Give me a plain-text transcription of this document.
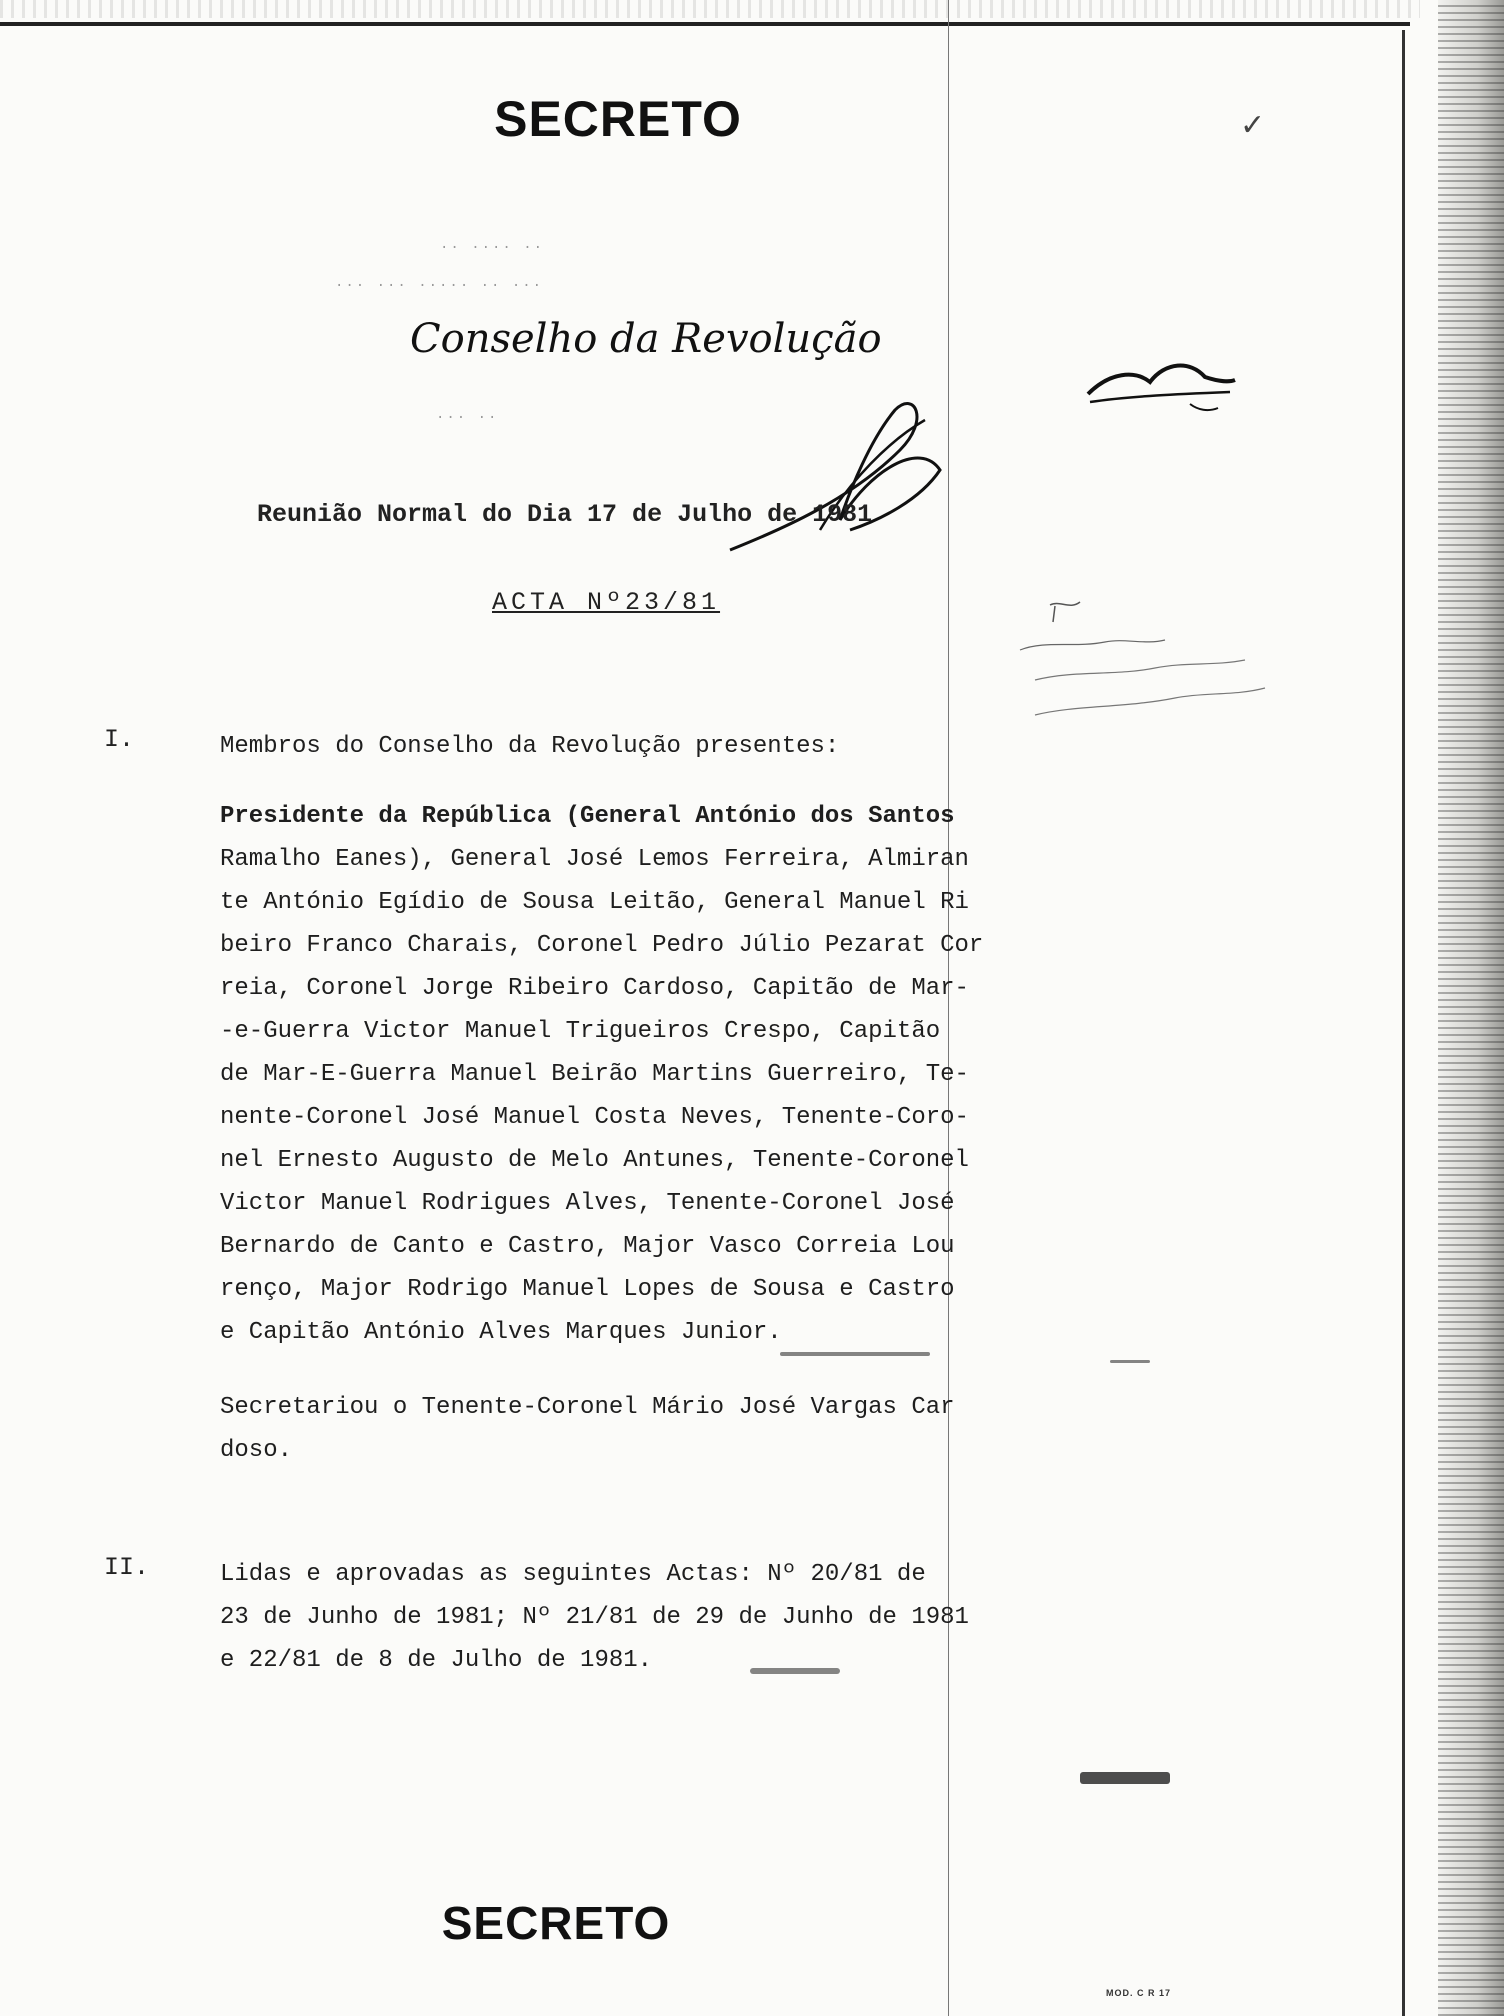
SECRETO	✓
·· ···· ··
··· ··· ····· ·· ···
··· ··
Conselho da Revolução
Reunião Normal do Dia 17 de Julho de 1981
ACTA Nº23/81
I.	Membros do Conselho da Revolução presentes:
Presidente da República (General António dos Santos
Ramalho Eanes), General José Lemos Ferreira, Almiran
te António Egídio de Sousa Leitão, General Manuel Ri
beiro Franco Charais, Coronel Pedro Júlio Pezarat Cor
reia, Coronel Jorge Ribeiro Cardoso, Capitão de Mar-
-e-Guerra Victor Manuel Trigueiros Crespo, Capitão
de Mar-E-Guerra Manuel Beirão Martins Guerreiro, Te-
nente-Coronel José Manuel Costa Neves, Tenente-Coro-
nel Ernesto Augusto de Melo Antunes, Tenente-Coronel
Victor Manuel Rodrigues Alves, Tenente-Coronel José
Bernardo de Canto e Castro, Major Vasco Correia Lou
renço, Major Rodrigo Manuel Lopes de Sousa e Castro
e Capitão António Alves Marques Junior.
Secretariou o Tenente-Coronel Mário José Vargas Car
doso.
II.	Lidas e aprovadas as seguintes Actas: Nº 20/81 de
23 de Junho de 1981; Nº 21/81 de 29 de Junho de 1981
e 22/81 de 8 de Julho de 1981.
SECRETO
MOD. C R 17
